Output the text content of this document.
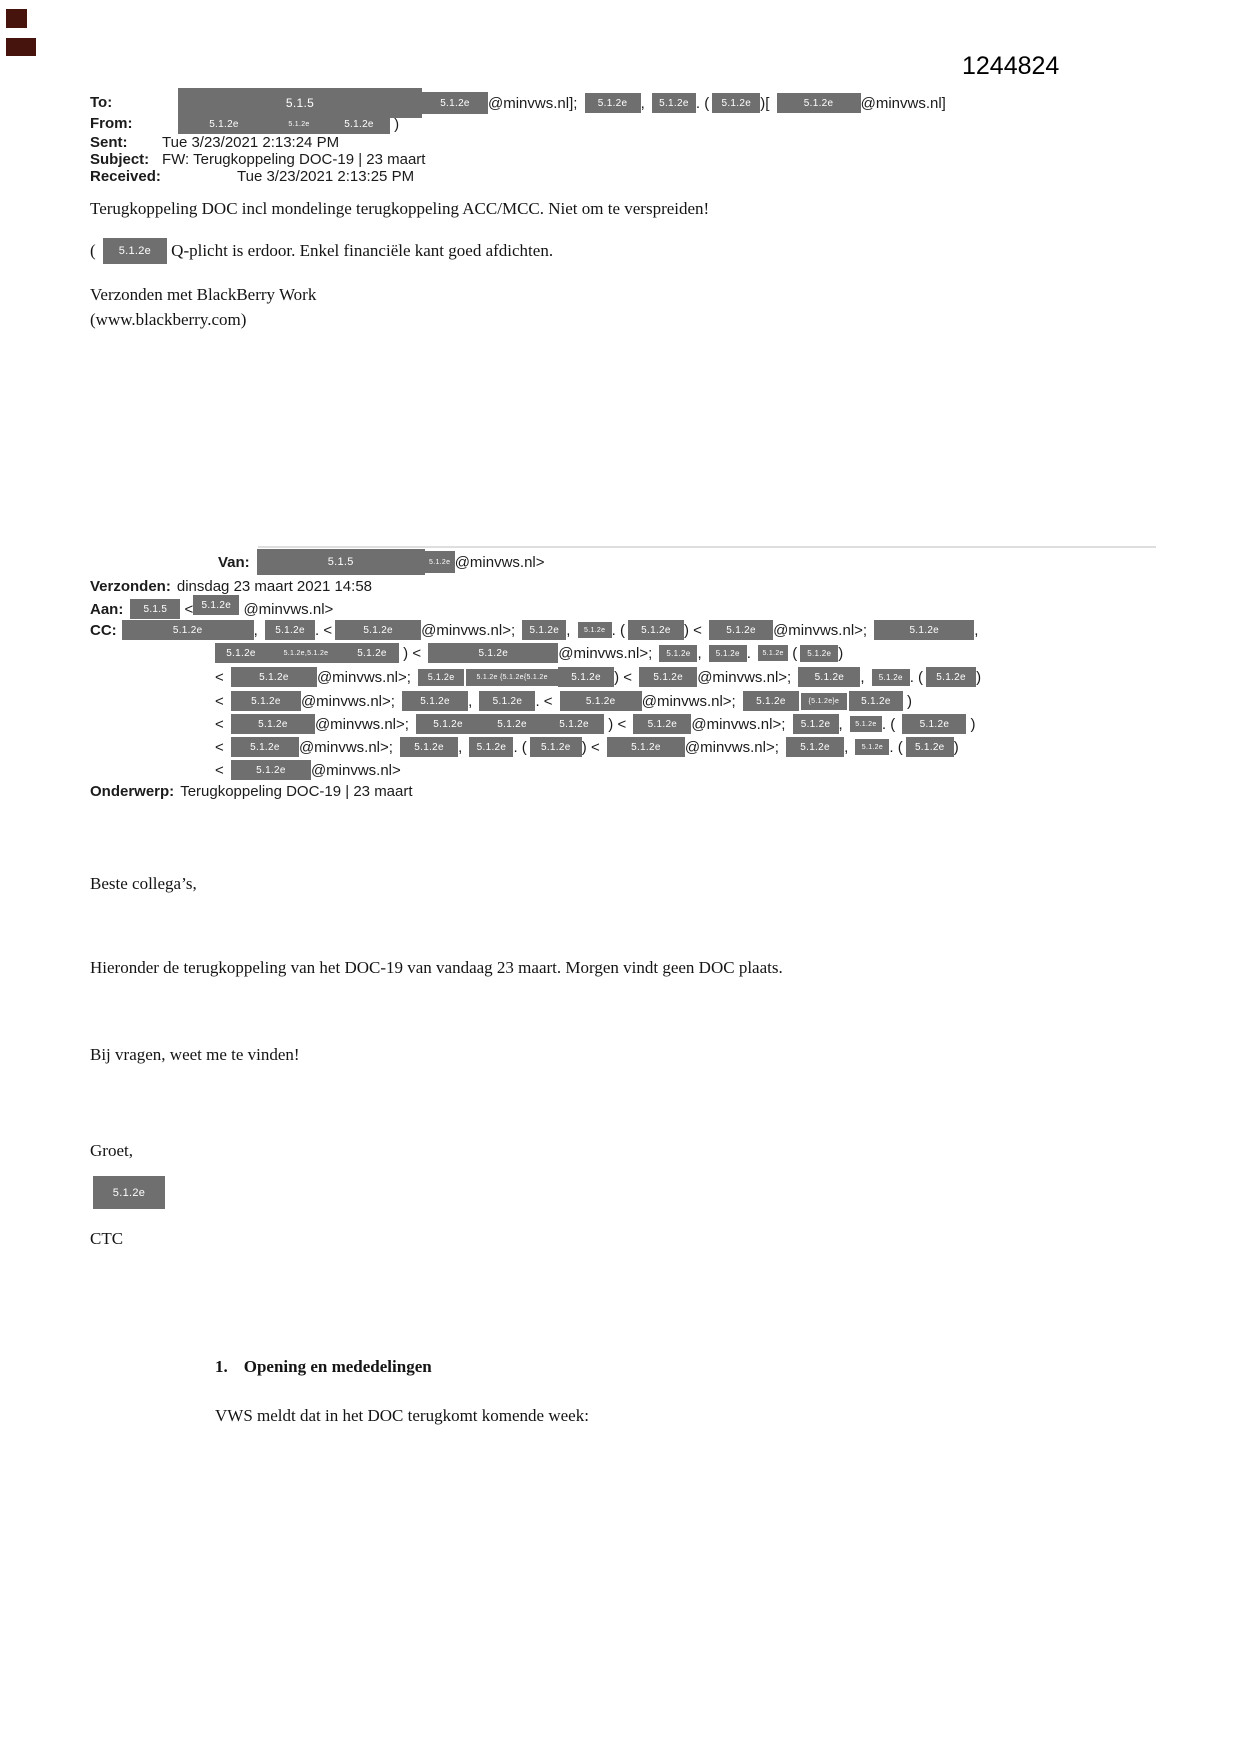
1244824
To:	5.1.5	5.1.2e	@minvws.nl];	5.1.2e ,	5.1.2e . (	5.1.2e )[	5.1.2e	@minvws.nl]
From:	5.1.2e	5.1.2e	5.1.2e	)
Sent: Tue 3/23/2021 2:13:24 PM
Subject: FW: Terugkoppeling DOC-19 | 23 maart
Received:	Tue 3/23/2021 2:13:25 PM
Terugkoppeling DOC incl mondelinge terugkoppeling ACC/MCC. Niet om te verspreiden!
(	5.1.2e Q-plicht is erdoor. Enkel financiële kant goed afdichten.
Verzonden met BlackBerry Work
(www.blackberry.com)
Van:	5.1.5	5.1.2e @minvws.nl>
Verzonden: dinsdag 23 maart 2021 14:58
Aan:	5.1.5 < 5.1.2e @minvws.nl>
CC:	5.1.2e	,	5.1.2e . <	5.1.2e	@minvws.nl>;	5.1.2e ,	5.1.2e . (	5.1.2e ) <	5.1.2e	@minvws.nl>;	5.1.2e	,
5.1.2e	5.1.2e,5.1.2e	5.1.2e ) <	5.1.2e	@minvws.nl>;	5.1.2e ,	5.1.2e .	5.1.2e (	5.1.2e )
<	5.1.2e	@minvws.nl>;	5.1.2e	5.1.2e {5.1.2e{5.1.2e	5.1.2e ) <	5.1.2e @minvws.nl>;	5.1.2e	,	5.1.2e . (	5.1.2e )
<	5.1.2e	@minvws.nl>;	5.1.2e	,	5.1.2e . <	5.1.2e	@minvws.nl>;	5.1.2e	{5.1.2e}e	5.1.2e )
<	5.1.2e	@minvws.nl>;	5.1.2e	5.1.2e	5.1.2e	) <	5.1.2e @minvws.nl>;	5.1.2e ,	5.1.2e . (	5.1.2e	)
<	5.1.2e	@minvws.nl>;	5.1.2e ,	5.1.2e . (	5.1.2e ) <	5.1.2e	@minvws.nl>;	5.1.2e ,	5.1.2e . (	5.1.2e )
<	5.1.2e	@minvws.nl>
Onderwerp: Terugkoppeling DOC-19 | 23 maart
Beste collega’s,
Hieronder de terugkoppeling van het DOC-19 van vandaag 23 maart. Morgen vindt geen DOC plaats.
Bij vragen, weet me te vinden!
Groet,
5.1.2e
CTC
1. Opening en mededelingen
VWS meldt dat in het DOC terugkomt komende week:
